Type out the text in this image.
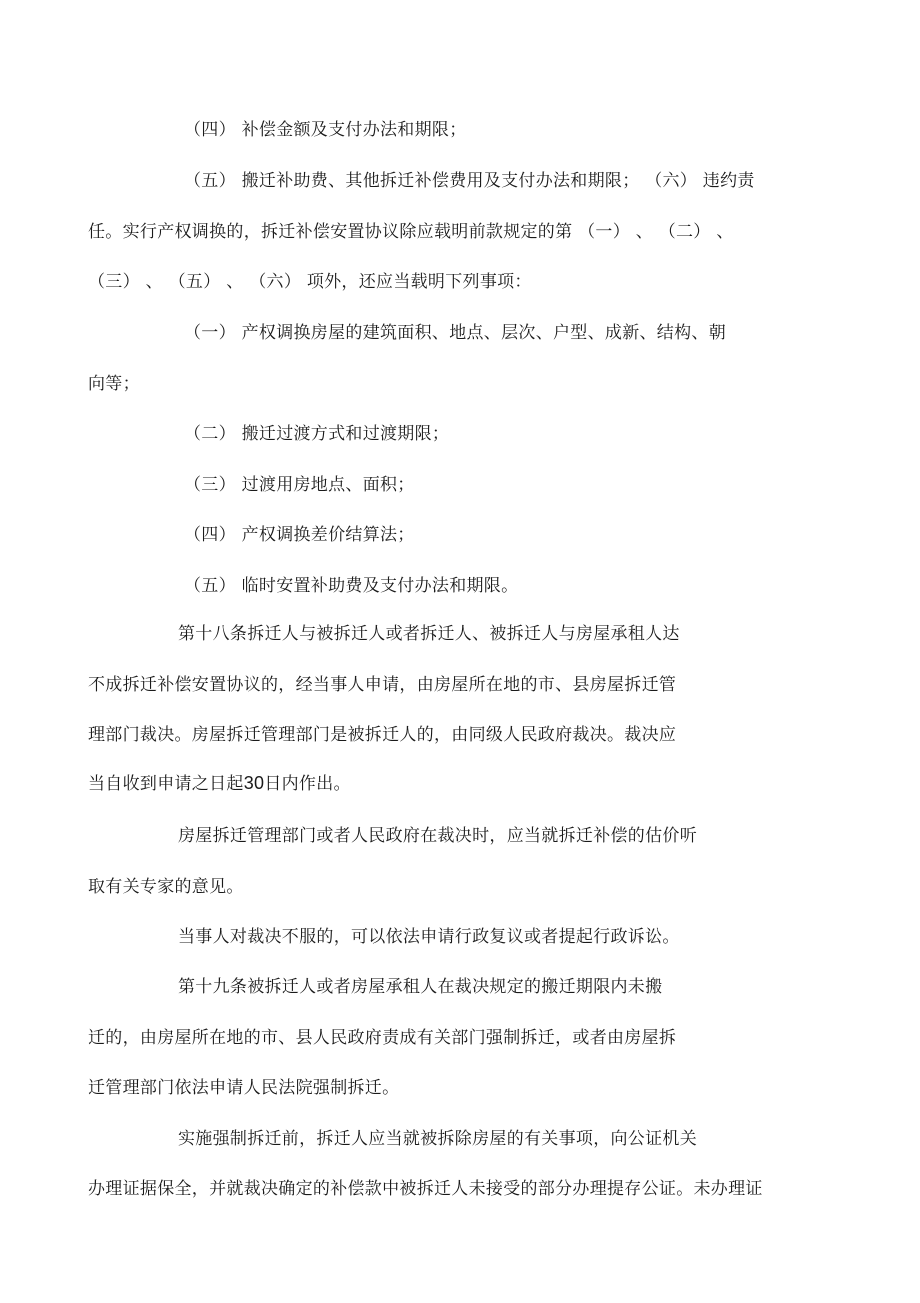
（四） 补偿金额及支付办法和期限；
（五） 搬迁补助费、其他拆迁补偿费用及支付办法和期限； （六） 违约责
任。实行产权调换的，拆迁补偿安置协议除应载明前款规定的第 （一） 、 （二） 、
（三） 、 （五） 、 （六） 项外，还应当载明下列事项：
（一） 产权调换房屋的建筑面积、地点、层次、户型、成新、结构、朝
向等；
（二） 搬迁过渡方式和过渡期限；
（三） 过渡用房地点、面积；
（四） 产权调换差价结算法；
（五） 临时安置补助费及支付办法和期限。
第十八条拆迁人与被拆迁人或者拆迁人、被拆迁人与房屋承租人达
不成拆迁补偿安置协议的，经当事人申请，由房屋所在地的市、县房屋拆迁管
理部门裁决。房屋拆迁管理部门是被拆迁人的，由同级人民政府裁决。裁决应
当自收到申请之日起30日内作出。
房屋拆迁管理部门或者人民政府在裁决时，应当就拆迁补偿的估价听
取有关专家的意见。
当事人对裁决不服的，可以依法申请行政复议或者提起行政诉讼。
第十九条被拆迁人或者房屋承租人在裁决规定的搬迁期限内未搬
迁的，由房屋所在地的市、县人民政府责成有关部门强制拆迁，或者由房屋拆
迁管理部门依法申请人民法院强制拆迁。
实施强制拆迁前，拆迁人应当就被拆除房屋的有关事项，向公证机关
办理证据保全，并就裁决确定的补偿款中被拆迁人未接受的部分办理提存公证。未办理证
